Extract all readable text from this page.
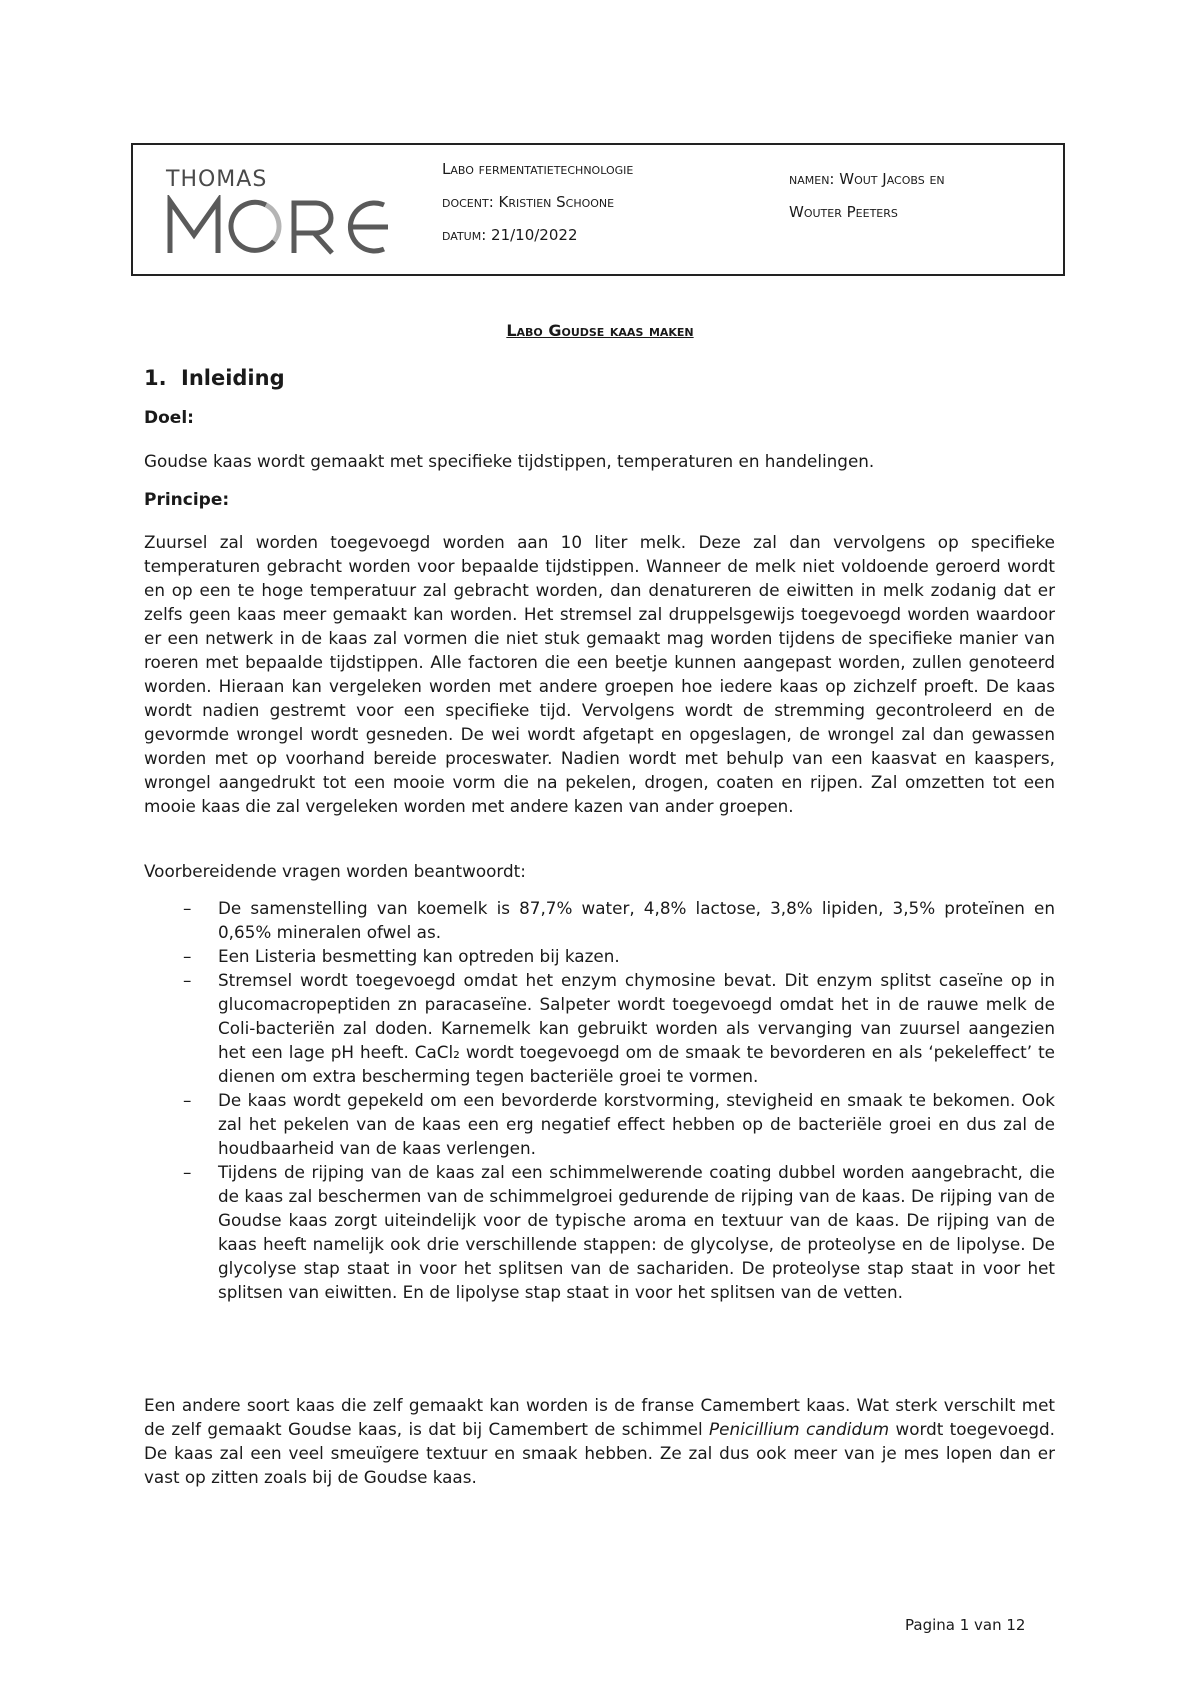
THOMAS	Labo fermentatietechnologie
docent: Kristien Schoone
datum: 21/10/2022
namen: Wout Jacobs en
Wouter Peeters
Labo Goudse kaas maken
1. Inleiding
Doel:
Goudse kaas wordt gemaakt met specifieke tijdstippen, temperaturen en handelingen.
Principe:
Zuursel zal worden toegevoegd worden aan 10 liter melk. Deze zal dan vervolgens op specifieke temperaturen gebracht worden voor bepaalde tijdstippen. Wanneer de melk niet voldoende geroerd wordt en op een te hoge temperatuur zal gebracht worden, dan denatureren de eiwitten in melk zodanig dat er zelfs geen kaas meer gemaakt kan worden. Het stremsel zal druppelsgewijs toegevoegd worden waardoor er een netwerk in de kaas zal vormen die niet stuk gemaakt mag worden tijdens de specifieke manier van roeren met bepaalde tijdstippen. Alle factoren die een beetje kunnen aangepast worden, zullen genoteerd worden. Hieraan kan vergeleken worden met andere groepen hoe iedere kaas op zichzelf proeft. De kaas wordt nadien gestremt voor een specifieke tijd. Vervolgens wordt de stremming gecontroleerd en de gevormde wrongel wordt gesneden. De wei wordt afgetapt en opgeslagen, de wrongel zal dan gewassen worden met op voorhand bereide proceswater. Nadien wordt met behulp van een kaasvat en kaaspers, wrongel aangedrukt tot een mooie vorm die na pekelen, drogen, coaten en rijpen. Zal omzetten tot een mooie kaas die zal vergeleken worden met andere kazen van ander groepen.
Voorbereidende vragen worden beantwoordt:
– De samenstelling van koemelk is 87,7% water, 4,8% lactose, 3,8% lipiden, 3,5% proteïnen en 0,65% mineralen ofwel as.
– Een Listeria besmetting kan optreden bij kazen.
– Stremsel wordt toegevoegd omdat het enzym chymosine bevat. Dit enzym splitst caseïne op in glucomacropeptiden zn paracaseïne. Salpeter wordt toegevoegd omdat het in de rauwe melk de Coli-bacteriën zal doden. Karnemelk kan gebruikt worden als vervanging van zuursel aangezien het een lage pH heeft. CaCl₂ wordt toegevoegd om de smaak te bevorderen en als ‘pekeleffect’ te dienen om extra bescherming tegen bacteriële groei te vormen.
– De kaas wordt gepekeld om een bevorderde korstvorming, stevigheid en smaak te bekomen. Ook zal het pekelen van de kaas een erg negatief effect hebben op de bacteriële groei en dus zal de houdbaarheid van de kaas verlengen.
– Tijdens de rijping van de kaas zal een schimmelwerende coating dubbel worden aangebracht, die de kaas zal beschermen van de schimmelgroei gedurende de rijping van de kaas. De rijping van de Goudse kaas zorgt uiteindelijk voor de typische aroma en textuur van de kaas. De rijping van de kaas heeft namelijk ook drie verschillende stappen: de glycolyse, de proteolyse en de lipolyse. De glycolyse stap staat in voor het splitsen van de sachariden. De proteolyse stap staat in voor het splitsen van eiwitten. En de lipolyse stap staat in voor het splitsen van de vetten.
Een andere soort kaas die zelf gemaakt kan worden is de franse Camembert kaas. Wat sterk verschilt met de zelf gemaakt Goudse kaas, is dat bij Camembert de schimmel Penicillium candidum wordt toegevoegd. De kaas zal een veel smeuïgere textuur en smaak hebben. Ze zal dus ook meer van je mes lopen dan er vast op zitten zoals bij de Goudse kaas.
Pagina 1 van 12
